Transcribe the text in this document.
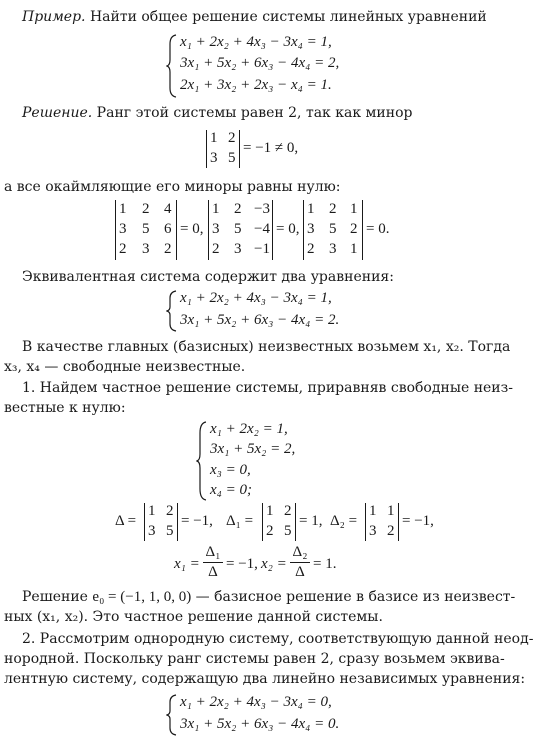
Пример. Найти общее решение системы линейных уравнений
x₁ + 2x₂ + 4x₃ − 3x₄ = 1,
3x₁ + 5x₂ + 6x₃ − 4x₄ = 2,
2x₁ + 3x₂ + 2x₃ − x₄ = 1.
Решение. Ранг этой системы равен 2, так как минор
1 2
3 5
= −1 ≠ 0,
а все окаймляющие его миноры равны нулю:
1 2 4
3 5 6
2 3 2
= 0,
1 2 −3
3 5 −4
2 3 −1
= 0,
1 2 1
3 5 2
2 3 1
= 0.
Эквивалентная система содержит два уравнения:
x₁ + 2x₂ + 4x₃ − 3x₄ = 1,
3x₁ + 5x₂ + 6x₃ − 4x₄ = 2.
В качестве главных (базисных) неизвестных возьмем x₁, x₂. Тогда
x₃, x₄ — свободные неизвестные.
1. Найдем частное решение системы, приравняв свободные неиз-
вестные к нулю:
x₁ + 2x₂ = 1,
3x₁ + 5x₂ = 2,
x₃ = 0,
x₄ = 0;
Δ =
1 2
3 5
= −1, Δ₁ =
1 2
2 5
= 1, Δ₂ =
1 1
3 2
= −1,
x₁ =
Δ₁
Δ = −1, x₂ =
Δ₂
Δ = 1.
Решение e₀ = (−1, 1, 0, 0) — базисное решение в базисе из неизвест-
ных (x₁, x₂). Это частное решение данной системы.
2. Рассмотрим однородную систему, соответствующую данной неод-
нородной. Поскольку ранг системы равен 2, сразу возьмем эквива-
лентную систему, содержащую два линейно независимых уравнения:
x₁ + 2x₂ + 4x₃ − 3x₄ = 0,
3x₁ + 5x₂ + 6x₃ − 4x₄ = 0.
